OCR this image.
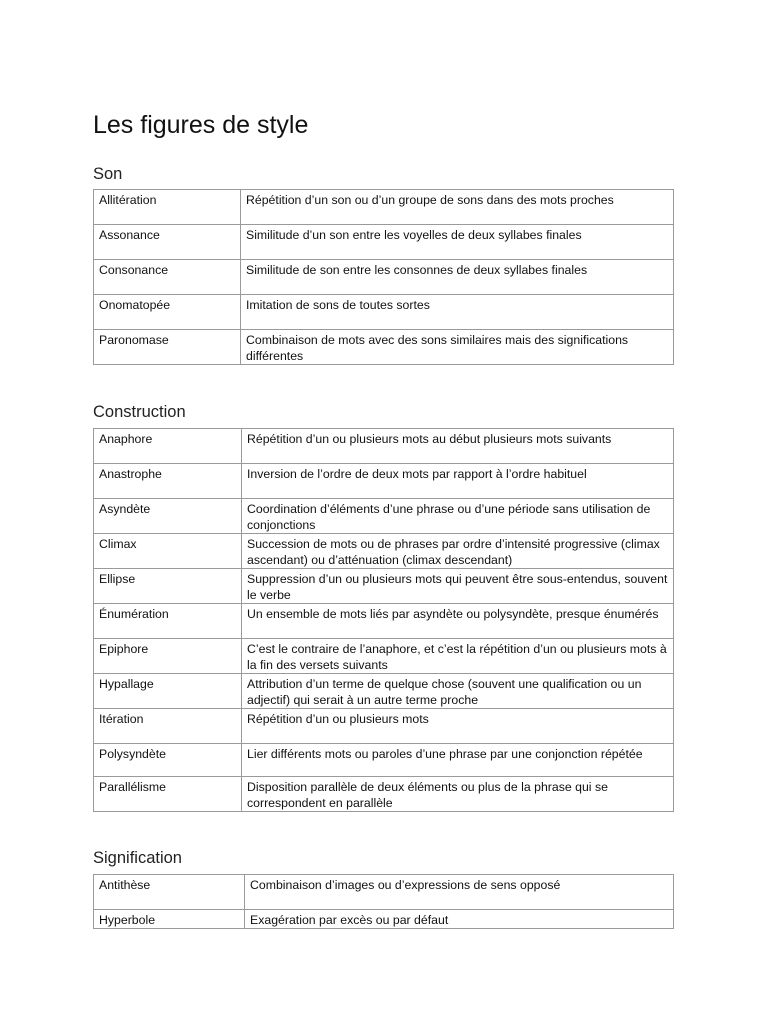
Les figures de style
Son
Allitération	Répétition d’un son ou d’un groupe de sons dans des mots proches
Assonance	Similitude d’un son entre les voyelles de deux syllabes finales
Consonance	Similitude de son entre les consonnes de deux syllabes finales
Onomatopée	Imitation de sons de toutes sortes
Paronomase	Combinaison de mots avec des sons similaires mais des significations différentes
Construction
Anaphore	Répétition d’un ou plusieurs mots au début plusieurs mots suivants
Anastrophe	Inversion de l’ordre de deux mots par rapport à l’ordre habituel
Asyndète	Coordination d’éléments d’une phrase ou d’une période sans utilisation de conjonctions
Climax	Succession de mots ou de phrases par ordre d’intensité progressive (climax ascendant) ou d’atténuation (climax descendant)
Ellipse	Suppression d’un ou plusieurs mots qui peuvent être sous-entendus, souvent le verbe
Énumération	Un ensemble de mots liés par asyndète ou polysyndète, presque énumérés
Epiphore	C’est le contraire de l’anaphore, et c’est la répétition d’un ou plusieurs mots à la fin des versets suivants
Hypallage	Attribution d’un terme de quelque chose (souvent une qualification ou un adjectif) qui serait à un autre terme proche
Itération	Répétition d’un ou plusieurs mots
Polysyndète	Lier différents mots ou paroles d’une phrase par une conjonction répétée
Parallélisme	Disposition parallèle de deux éléments ou plus de la phrase qui se correspondent en parallèle
Signification
Antithèse	Combinaison d’images ou d’expressions de sens opposé
Hyperbole	Exagération par excès ou par défaut
